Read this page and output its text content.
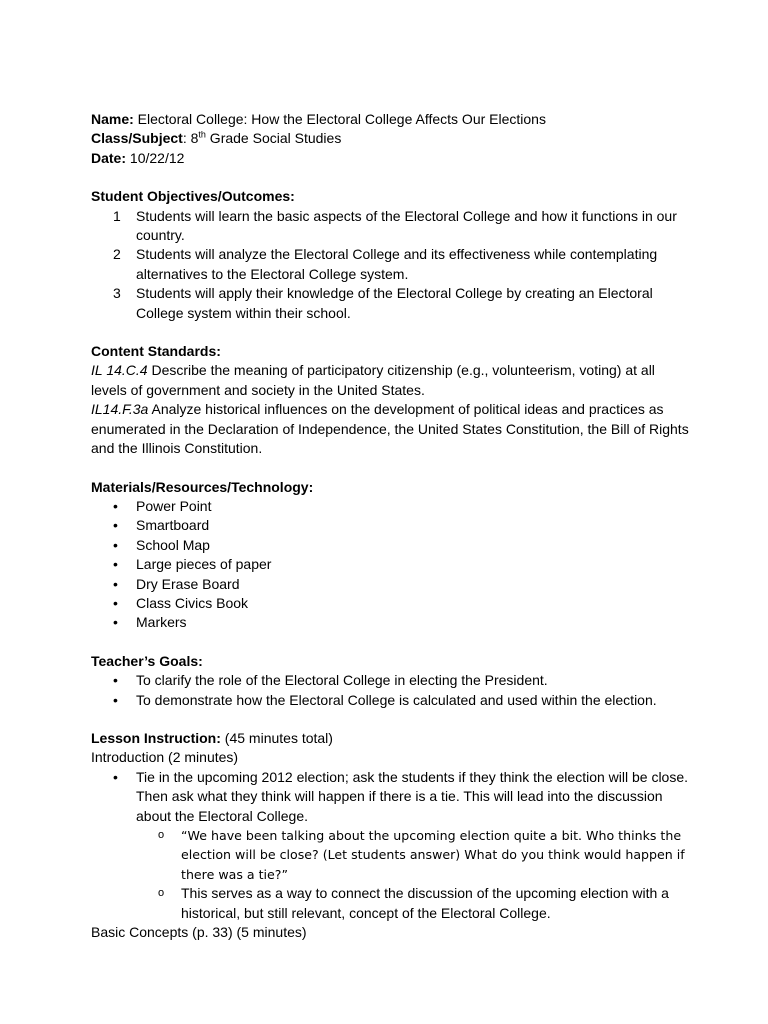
Name: Electoral College: How the Electoral College Affects Our Elections
Class/Subject: 8th Grade Social Studies
Date: 10/22/12
Student Objectives/Outcomes:
1 Students will learn the basic aspects of the Electoral College and how it functions in our country.
2 Students will analyze the Electoral College and its effectiveness while contemplating alternatives to the Electoral College system.
3 Students will apply their knowledge of the Electoral College by creating an Electoral College system within their school.
Content Standards:
IL 14.C.4 Describe the meaning of participatory citizenship (e.g., volunteerism, voting) at all levels of government and society in the United States.
IL14.F.3a Analyze historical influences on the development of political ideas and practices as enumerated in the Declaration of Independence, the United States Constitution, the Bill of Rights and the Illinois Constitution.
Materials/Resources/Technology:
• Power Point
• Smartboard
• School Map
• Large pieces of paper
• Dry Erase Board
• Class Civics Book
• Markers
Teacher’s Goals:
• To clarify the role of the Electoral College in electing the President.
• To demonstrate how the Electoral College is calculated and used within the election.
Lesson Instruction: (45 minutes total)
Introduction (2 minutes)
• Tie in the upcoming 2012 election; ask the students if they think the election will be close. Then ask what they think will happen if there is a tie. This will lead into the discussion about the Electoral College.
o “We have been talking about the upcoming election quite a bit. Who thinks the election will be close? (Let students answer) What do you think would happen if there was a tie?”
o This serves as a way to connect the discussion of the upcoming election with a historical, but still relevant, concept of the Electoral College.
Basic Concepts (p. 33) (5 minutes)
